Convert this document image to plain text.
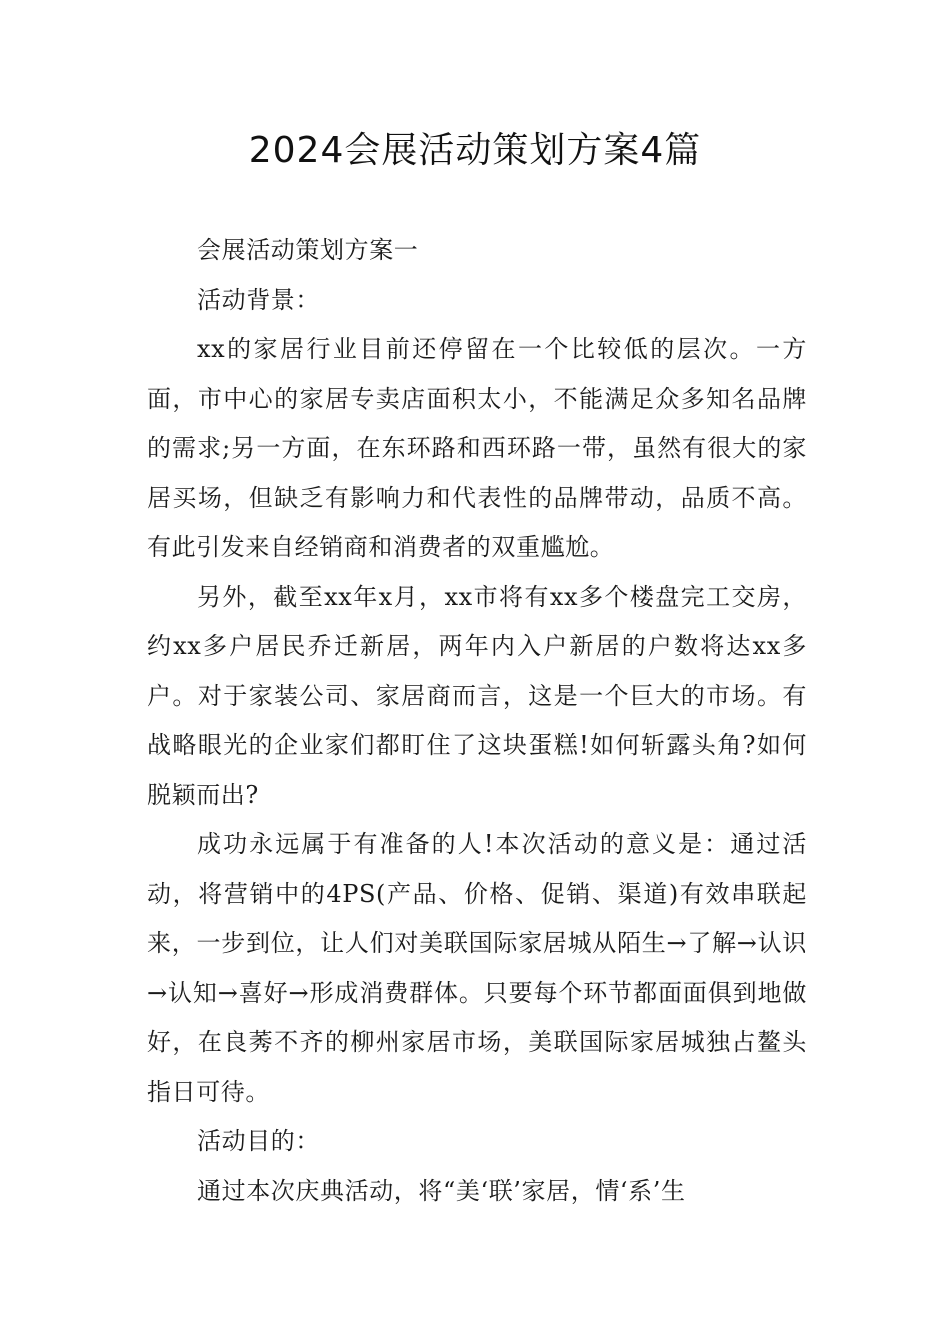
2024会展活动策划方案4篇

会展活动策划方案一

活动背景：

xx的家居行业目前还停留在一个比较低的层次。一方面，市中心的家居专卖店面积太小，不能满足众多知名品牌的需求;另一方面，在东环路和西环路一带，虽然有很大的家居买场，但缺乏有影响力和代表性的品牌带动，品质不高。有此引发来自经销商和消费者的双重尴尬。

另外，截至xx年x月，xx市将有xx多个楼盘完工交房，约xx多户居民乔迁新居，两年内入户新居的户数将达xx多户。对于家装公司、家居商而言，这是一个巨大的市场。有战略眼光的企业家们都盯住了这块蛋糕!如何斩露头角?如何脱颖而出?

成功永远属于有准备的人!本次活动的意义是：通过活动，将营销中的4PS(产品、价格、促销、渠道)有效串联起来，一步到位，让人们对美联国际家居城从陌生→了解→认识→认知→喜好→形成消费群体。只要每个环节都面面俱到地做好，在良莠不齐的柳州家居市场，美联国际家居城独占鳌头指日可待。

活动目的：

通过本次庆典活动，将“美‘联’家居，情‘系’生
